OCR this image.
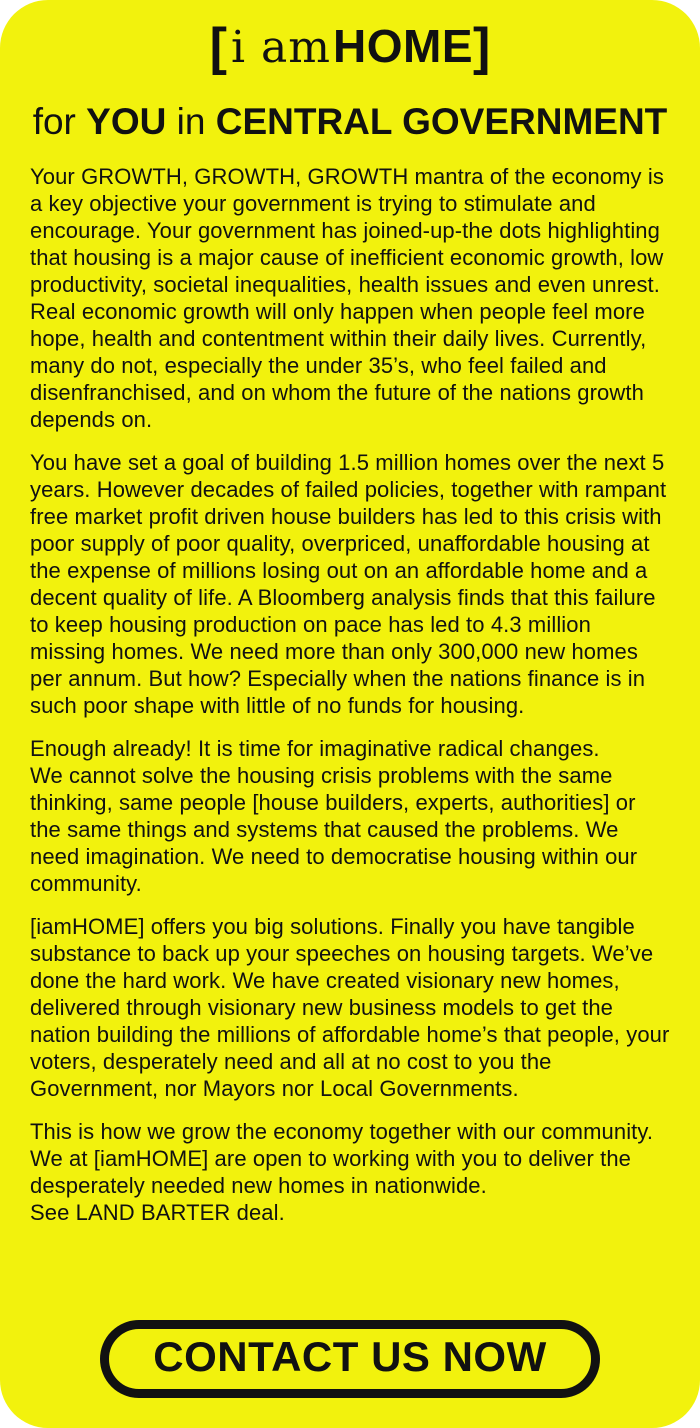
[i amHOME]
for YOU in CENTRAL GOVERNMENT

Your GROWTH, GROWTH, GROWTH mantra of the economy is a key objective your government is trying to stimulate and encourage. Your government has joined-up-the dots highlighting that housing is a major cause of inefficient economic growth, low productivity, societal inequalities, health issues and even unrest. Real economic growth will only happen when people feel more hope, health and contentment within their daily lives. Currently, many do not, especially the under 35’s, who feel failed and disenfranchised, and on whom the future of the nations growth depends on.

You have set a goal of building 1.5 million homes over the next 5 years. However decades of failed policies, together with rampant free market profit driven house builders has led to this crisis with poor supply of poor quality, overpriced, unaffordable housing at the expense of millions losing out on an affordable home and a decent quality of life. A Bloomberg analysis finds that this failure to keep housing production on pace has led to 4.3 million missing homes. We need more than only 300,000 new homes per annum. But how? Especially when the nations finance is in such poor shape with little of no funds for housing.

Enough already! It is time for imaginative radical changes.
We cannot solve the housing crisis problems with the same thinking, same people [house builders, experts, authorities] or the same things and systems that caused the problems. We need imagination. We need to democratise housing within our community.

[iamHOME] offers you big solutions. Finally you have tangible substance to back up your speeches on housing targets. We’ve done the hard work. We have created visionary new homes, delivered through visionary new business models to get the nation building the millions of affordable home’s that people, your voters, desperately need and all at no cost to you the Government, nor Mayors nor Local Governments.

This is how we grow the economy together with our community. We at [iamHOME] are open to working with you to deliver the desperately needed new homes in nationwide.
See LAND BARTER deal.

CONTACT US NOW
